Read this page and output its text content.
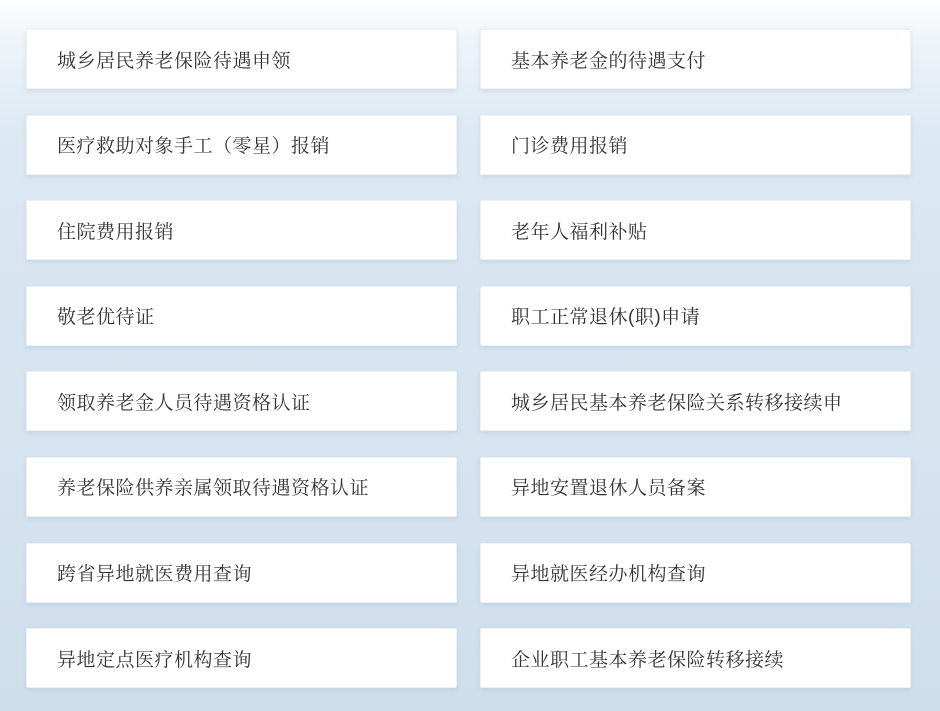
城乡居民养老保险待遇申领	基本养老金的待遇支付
医疗救助对象手工（零星）报销	门诊费用报销
住院费用报销	老年人福利补贴
敬老优待证	职工正常退休(职)申请
领取养老金人员待遇资格认证	城乡居民基本养老保险关系转移接续申
养老保险供养亲属领取待遇资格认证	异地安置退休人员备案
跨省异地就医费用查询	异地就医经办机构查询
异地定点医疗机构查询	企业职工基本养老保险转移接续
